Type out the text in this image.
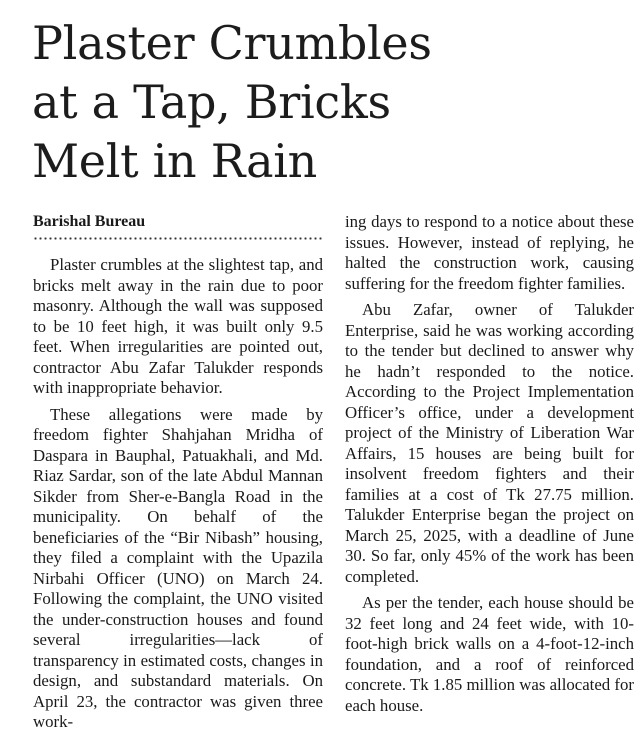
Plaster Crumbles
at a Tap, Bricks
Melt in Rain
Barishal Bureau

Plaster crumbles at the slightest tap, and bricks melt away in the rain due to poor masonry. Although the wall was supposed to be 10 feet high, it was built only 9.5 feet. When irregularities are pointed out, contractor Abu Zafar Talukder responds with inappropriate behavior.

These allegations were made by freedom fighter Shahjahan Mridha of Daspara in Bauphal, Patuakhali, and Md. Riaz Sardar, son of the late Abdul Mannan Sikder from Sher-e-Bangla Road in the municipality. On behalf of the beneficiaries of the “Bir Nibash” housing, they filed a complaint with the Upazila Nirbahi Officer (UNO) on March 24. Following the complaint, the UNO visited the under-construction houses and found several irregularities—lack of transparency in estimated costs, changes in design, and substandard materials. On April 23, the contractor was given three work-

ing days to respond to a notice about these issues. However, instead of replying, he halted the construction work, causing suffering for the freedom fighter families.

Abu Zafar, owner of Talukder Enterprise, said he was working according to the tender but declined to answer why he hadn’t responded to the notice. According to the Project Implementation Officer’s office, under a development project of the Ministry of Liberation War Affairs, 15 houses are being built for insolvent freedom fighters and their families at a cost of Tk 27.75 million. Talukder Enterprise began the project on March 25, 2025, with a deadline of June 30. So far, only 45% of the work has been completed.

As per the tender, each house should be 32 feet long and 24 feet wide, with 10-foot-high brick walls on a 4-foot-12-inch foundation, and a roof of reinforced concrete. Tk 1.85 million was allocated for each house.
